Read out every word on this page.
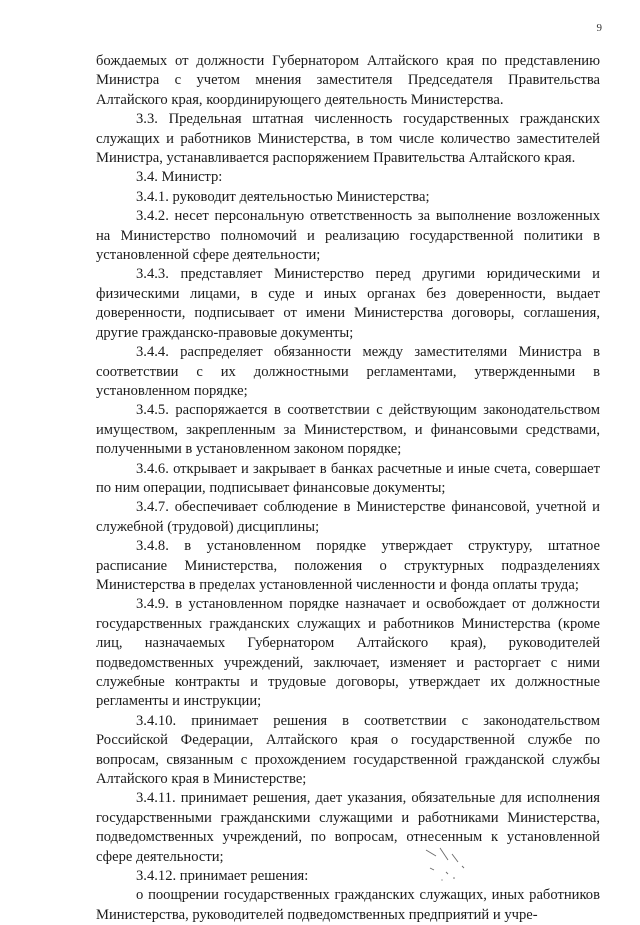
9

бождаемых от должности Губернатором Алтайского края по представлению Министра с учетом мнения заместителя Председателя Правительства Алтайского края, координирующего деятельность Министерства.

3.3. Предельная штатная численность государственных гражданских служащих и работников Министерства, в том числе количество заместителей Министра, устанавливается распоряжением Правительства Алтайского края.

3.4. Министр:

3.4.1. руководит деятельностью Министерства;

3.4.2. несет персональную ответственность за выполнение возложенных на Министерство полномочий и реализацию государственной политики в установленной сфере деятельности;

3.4.3. представляет Министерство перед другими юридическими и физическими лицами, в суде и иных органах без доверенности, выдает доверенности, подписывает от имени Министерства договоры, соглашения, другие гражданско-правовые документы;

3.4.4. распределяет обязанности между заместителями Министра в соответствии с их должностными регламентами, утвержденными в установленном порядке;

3.4.5. распоряжается в соответствии с действующим законодательством имуществом, закрепленным за Министерством, и финансовыми средствами, полученными в установленном законом порядке;

3.4.6. открывает и закрывает в банках расчетные и иные счета, совершает по ним операции, подписывает финансовые документы;

3.4.7. обеспечивает соблюдение в Министерстве финансовой, учетной и служебной (трудовой) дисциплины;

3.4.8. в установленном порядке утверждает структуру, штатное расписание Министерства, положения о структурных подразделениях Министерства в пределах установленной численности и фонда оплаты труда;

3.4.9. в установленном порядке назначает и освобождает от должности государственных гражданских служащих и работников Министерства (кроме лиц, назначаемых Губернатором Алтайского края), руководителей подведомственных учреждений, заключает, изменяет и расторгает с ними служебные контракты и трудовые договоры, утверждает их должностные регламенты и инструкции;

3.4.10. принимает решения в соответствии с законодательством Российской Федерации, Алтайского края о государственной службе по вопросам, связанным с прохождением государственной гражданской службы Алтайского края в Министерстве;

3.4.11. принимает решения, дает указания, обязательные для исполнения государственными гражданскими служащими и работниками Министерства, подведомственных учреждений, по вопросам, отнесенным к установленной сфере деятельности;

3.4.12. принимает решения:

о поощрении государственных гражданских служащих, иных работников Министерства, руководителей подведомственных предприятий и учре-
